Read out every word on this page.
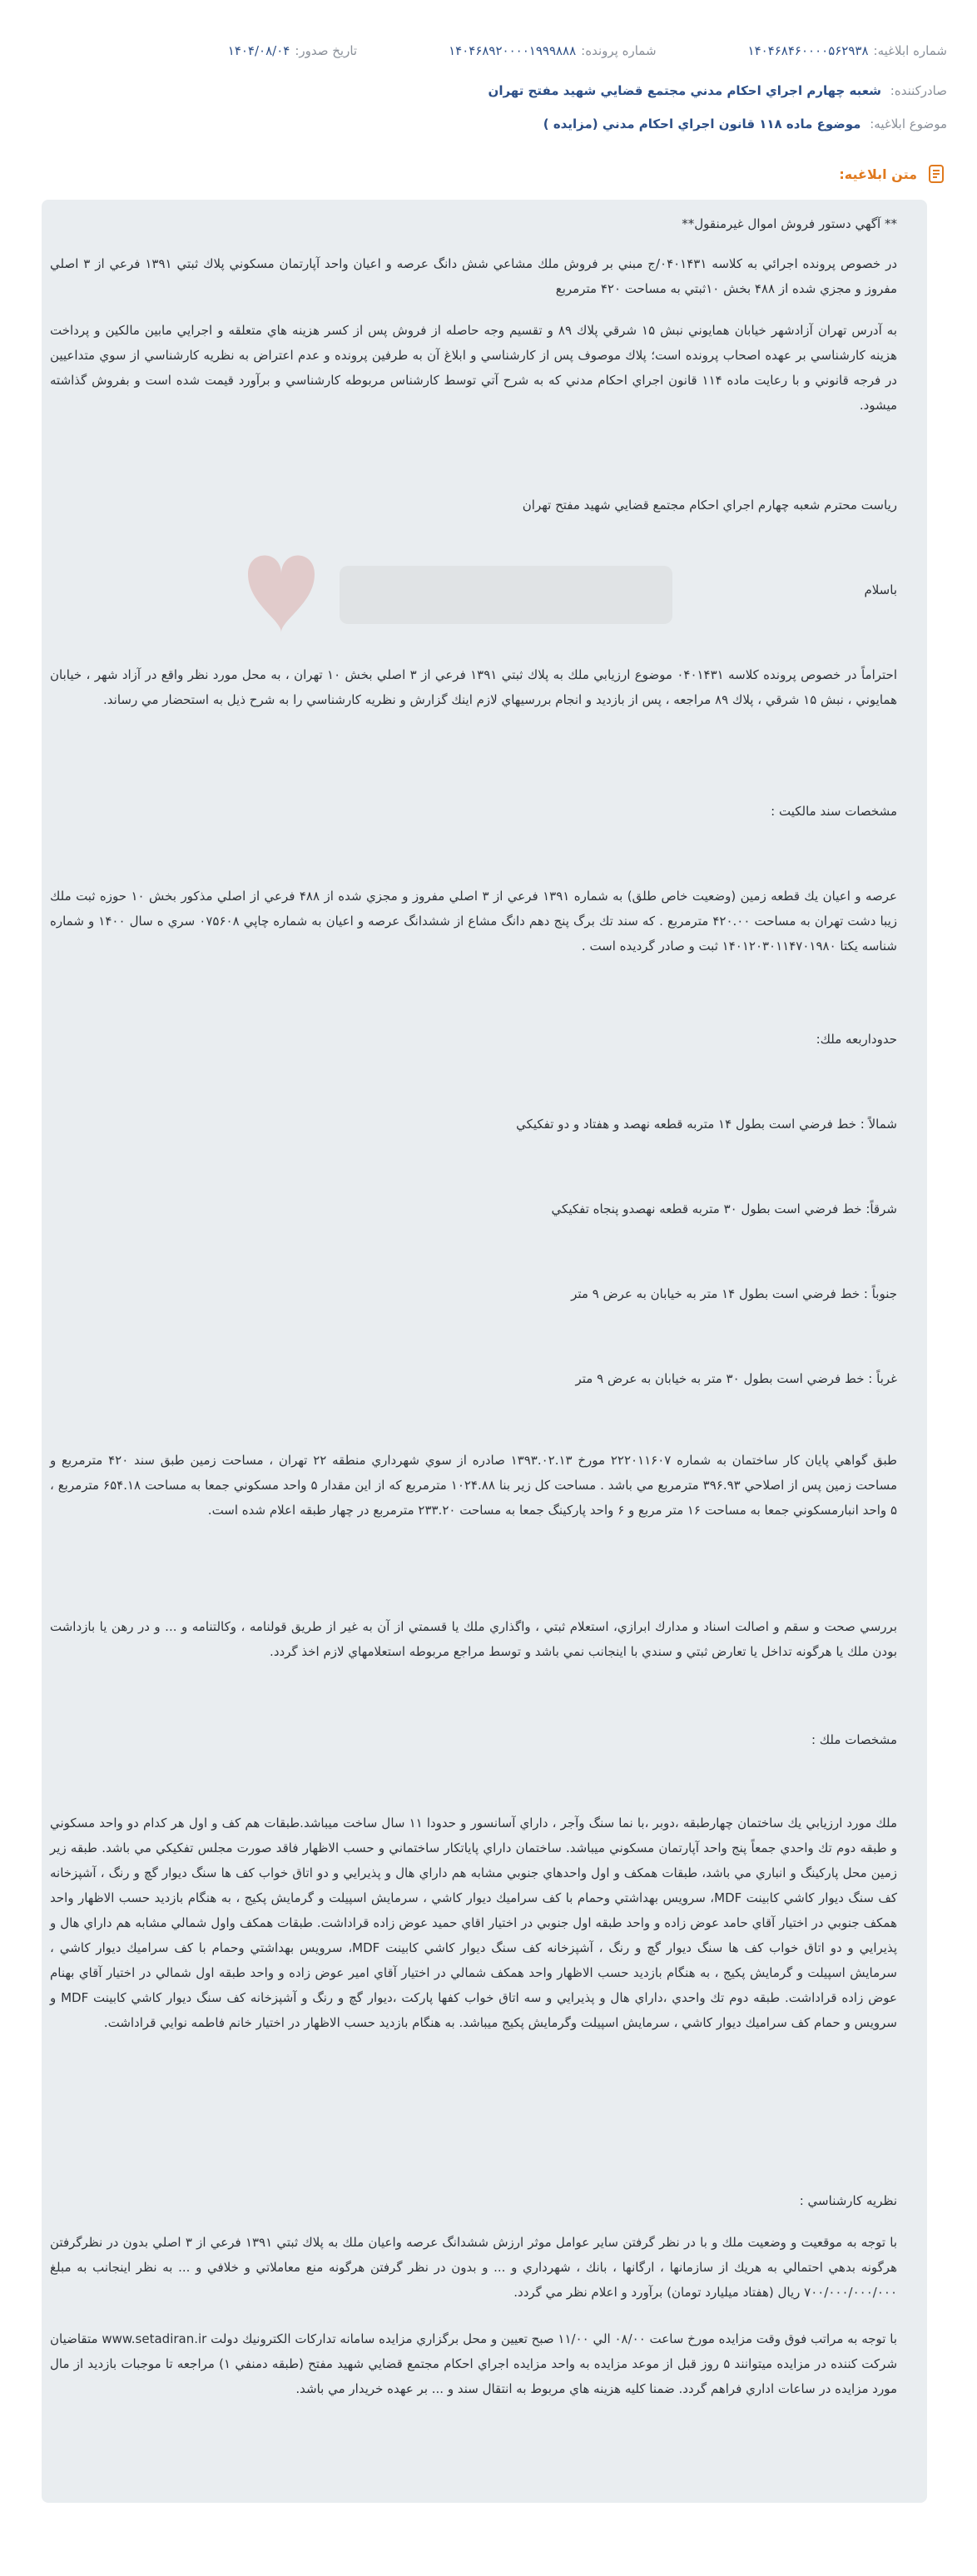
شماره ابلاغيه:
۱۴۰۴۶۸۴۶۰۰۰۰۵۶۲۹۳۸
شماره پرونده:
۱۴۰۴۶۸۹۲۰۰۰۰۱۹۹۹۸۸۸
تاريخ صدور:
۱۴۰۴/۰۸/۰۴
صادرکننده: شعبه چهارم اجراي احكام مدني مجتمع قضايي شهيد مفتح تهران
موضوع ابلاغيه: موضوع ماده ۱۱۸ قانون اجراي احكام مدني (مزايده )
متن ابلاغيه:
** آگهي دستور فروش اموال غيرمنقول**
در خصوص پرونده اجرائي به كلاسه ۰۴۰۱۴۳۱/ج مبني بر فروش ملك مشاعي شش دانگ عرصه و اعيان واحد آپارتمان مسكوني پلاك ثبتي ۱۳۹۱ فرعي از ۳ اصلي مفروز و مجزي شده از ۴۸۸ بخش ۱۰ثبتي به مساحت ۴۲۰ مترمربع
به آدرس تهران آزادشهر خيابان همايوني نبش ۱۵ شرقي پلاك ۸۹ و تقسيم وجه حاصله از فروش پس از كسر هزينه هاي متعلقه و اجرايي مابين مالكين و پرداخت هزينه كارشناسي بر عهده اصحاب پرونده است؛ پلاك موصوف پس از كارشناسي و ابلاغ آن به طرفين پرونده و عدم اعتراض به نظريه كارشناسي از سوي متداعيين در فرجه قانوني و با رعايت ماده ۱۱۴ قانون اجراي احكام مدني كه به شرح آتي توسط كارشناس مربوطه كارشناسي و برآورد قيمت شده است و بفروش گذاشته ميشود.
رياست محترم شعبه چهارم اجراي احكام مجتمع قضايي شهيد مفتح تهران
باسلام
احتراماً در خصوص پرونده كلاسه ۰۴۰۱۴۳۱ موضوع ارزيابي ملك به پلاك ثبتي ۱۳۹۱ فرعي از ۳ اصلي بخش ۱۰ تهران ، به محل مورد نظر واقع در آزاد شهر ، خيابان همايوني ، نبش ۱۵ شرقي ، پلاك ۸۹ مراجعه ، پس از بازديد و انجام بررسيهاي لازم اينك گزارش و نظريه كارشناسي را به شرح ذيل به استحضار مي رساند.
مشخصات سند مالكيت :
عرصه و اعيان يك قطعه زمين (وضعيت خاص طلق) به شماره ۱۳۹۱ فرعي از ۳ اصلي مفروز و مجزي شده از ۴۸۸ فرعي از اصلي مذكور بخش ۱۰ حوزه ثبت ملك زيبا دشت تهران به مساحت ۴۲۰.۰۰ مترمربع . كه سند تك برگ پنج دهم دانگ مشاع از ششدانگ عرصه و اعيان به شماره چاپي ۰۷۵۶۰۸ سري ه سال ۱۴۰۰ و شماره شناسه يكتا ۱۴۰۱۲۰۳۰۱۱۴۷۰۱۹۸۰ ثبت و صادر گرديده است .
حدوداربعه ملك:
شمالاً : خط فرضي است بطول ۱۴ متربه قطعه نهصد و هفتاد و دو تفكيكي
شرقاً: خط فرضي است بطول ۳۰ متربه قطعه نهصدو پنجاه تفكيكي
جنوباً : خط فرضي است بطول ۱۴ متر به خيابان به عرض ۹ متر
غرباً : خط فرضي است بطول ۳۰ متر به خيابان به عرض ۹ متر
طبق گواهي پايان كار ساختمان به شماره ۲۲۲۰۱۱۶۰۷ مورخ ۱۳۹۳.۰۲.۱۳ صادره از سوي شهرداري منطقه ۲۲ تهران ، مساحت زمين طبق سند ۴۲۰ مترمربع و مساحت زمين پس از اصلاحي ۳۹۶.۹۳ مترمربع مي باشد . مساحت كل زير بنا ۱۰۲۴.۸۸ مترمربع كه از اين مقدار ۵ واحد مسكوني جمعا به مساحت ۶۵۴.۱۸ مترمربع ، ۵ واحد انبارمسكوني جمعا به مساحت ۱۶ متر مربع و ۶ واحد پاركينگ جمعا به مساحت ۲۳۳.۲۰ مترمربع در چهار طبقه اعلام شده است.
بررسي صحت و سقم و اصالت اسناد و مدارك ابرازي، استعلام ثبتي ، واگذاري ملك يا قسمتي از آن به غير از طريق قولنامه ، وكالتنامه و ... و در رهن يا بازداشت بودن ملك يا هرگونه تداخل يا تعارض ثبتي و سندي با اينجانب نمي باشد و توسط مراجع مربوطه استعلامهاي لازم اخذ گردد.
مشخصات ملك :
ملك مورد ارزيابي يك ساختمان چهارطبقه ،دوبر ،با نما سنگ وآجر ، داراي آسانسور و حدودا ۱۱ سال ساخت ميباشد.طبقات هم كف و اول هر كدام دو واحد مسكوني و طبقه دوم تك واحدي جمعاً پنج واحد آپارتمان مسكوني ميباشد. ساختمان داراي پاياتكار ساختماني و حسب الاظهار فاقد صورت مجلس تفكيكي مي باشد. طبقه زير زمين محل پاركينگ و انباري مي باشد، طبقات همكف و اول واحدهاي جنوبي مشابه هم داراي هال و پذيرايي و دو اتاق خواب كف ها سنگ ديوار گچ و رنگ ، آشپزخانه كف سنگ ديوار كاشي كابينت MDF، سرويس بهداشتي وحمام با كف سراميك ديوار كاشي ، سرمايش اسپيلت و گرمايش پكيج ، به هنگام بازديد حسب الاظهار واحد همكف جنوبي در اختيار آقاي حامد عوض زاده و واحد طبقه اول جنوبي در اختيار اقاي حميد عوض زاده قراداشت. طبقات همكف واول شمالي مشابه هم داراي هال و پذيرايي و دو اتاق خواب كف ها سنگ ديوار گچ و رنگ ، آشپزخانه كف سنگ ديوار كاشي كابينت MDF، سرويس بهداشتي وحمام با كف سراميك ديوار كاشي ، سرمايش اسپيلت و گرمايش پكيج ، به هنگام بازديد حسب الاظهار واحد همكف شمالي در اختيار آقاي امير عوض زاده و واحد طبقه اول شمالي در اختيار آقاي بهنام عوض زاده قراداشت. طبقه دوم تك واحدي ،داراي هال و پذيرايي و سه اتاق خواب كفها پاركت ،ديوار گچ و رنگ و آشپزخانه كف سنگ ديوار كاشي كابينت MDF و سرويس و حمام كف سراميك ديوار كاشي ، سرمايش اسپيلت وگرمايش پكيج ميباشد. به هنگام بازديد حسب الاظهار در اختيار خانم فاطمه نوايي قراداشت.
نظريه كارشناسي :
با توجه به موقعيت و وضعيت ملك و با در نظر گرفتن ساير عوامل موثر ارزش ششدانگ عرصه واعيان ملك به پلاك ثبتي ۱۳۹۱ فرعي از ۳ اصلي بدون در نظرگرفتن هرگونه بدهي احتمالي به هريك از سازمانها ، ارگانها ، بانك ، شهرداري و ... و بدون در نظر گرفتن هرگونه منع معاملاتي و خلافي و ... به نظر اينجانب به مبلغ ۷۰۰/۰۰۰/۰۰۰/۰۰۰ ريال (هفتاد ميليارد تومان) برآورد و اعلام نظر مي گردد.
با توجه به مراتب فوق وقت مزايده مورخ ساعت ۰۸/۰۰ الي ۱۱/۰۰ صبح تعيين و محل برگزاري مزايده سامانه تداركات الكترونيك دولت www.setadiran.ir متقاضيان شركت كننده در مزايده ميتوانند ۵ روز قبل از موعد مزايده به واحد مزايده اجراي احكام مجتمع قضايي شهيد مفتح (طبقه دمنفي ۱) مراجعه تا موجبات بازديد از مال مورد مزايده در ساعات اداري فراهم گردد. ضمنا كليه هزينه هاي مربوط به انتقال سند و ... بر عهده خريدار مي باشد.
